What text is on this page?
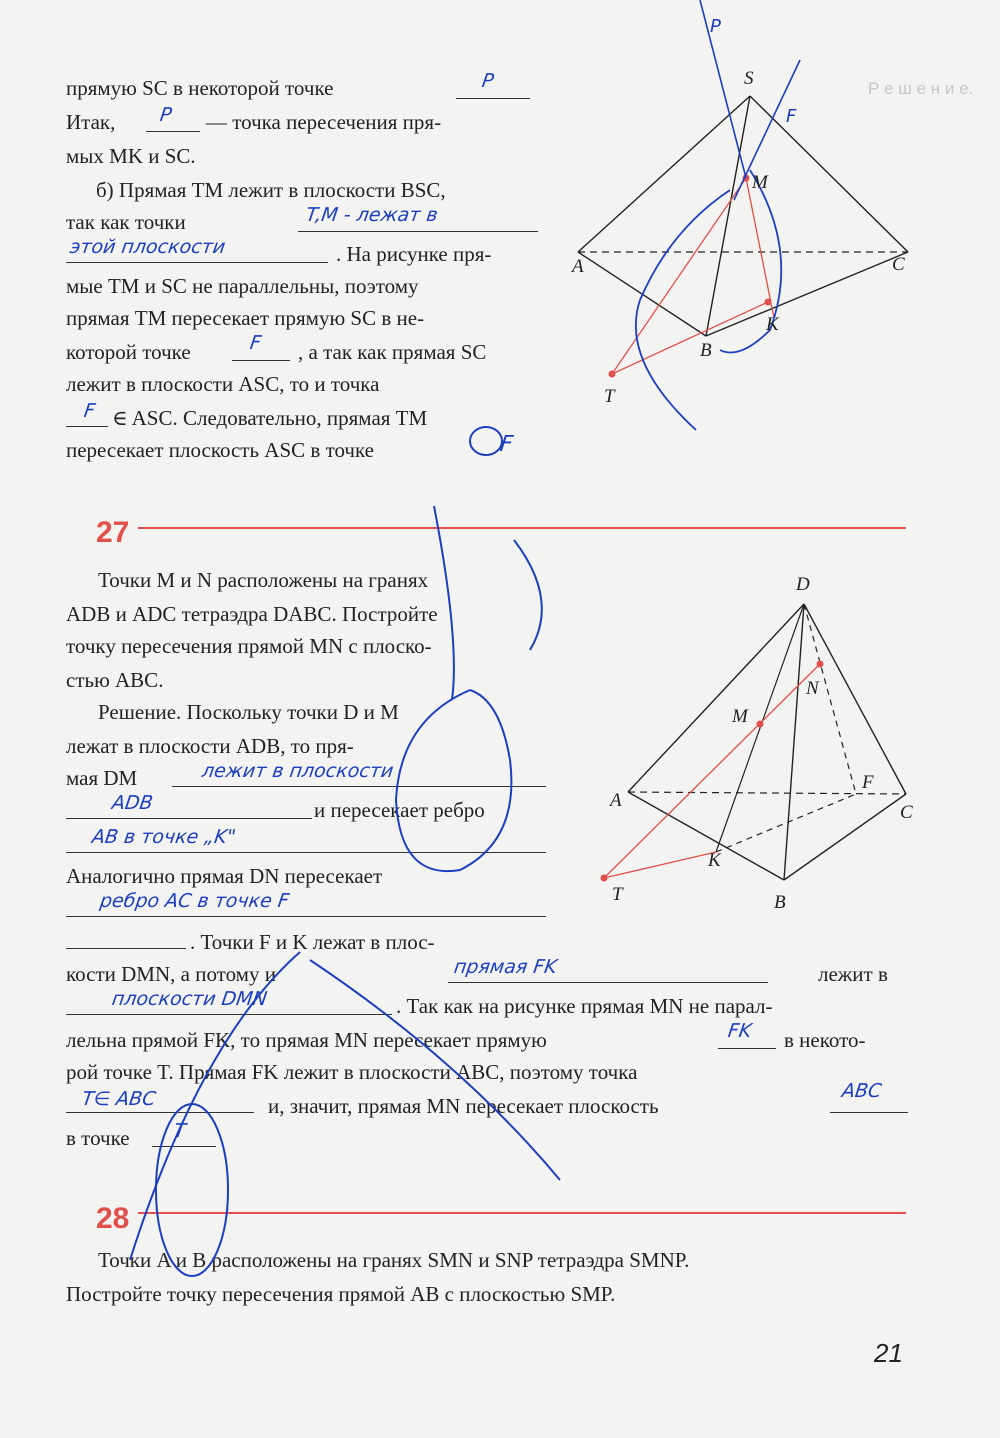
Р е ш е н и е.
прямую SC в некоторой точке	P
Итак, P — точка пересечения пря-
мых MK и SC.
б) Прямая TM лежит в плоскости BSC,
так как точки	T,M - лежат в
этой плоскости	. На рисунке пря-
мые TM и SC не параллельны, поэтому
прямая TM пересекает прямую SC в не-
которой точке	F , а так как прямая SC
лежит в плоскости ASC, то и точка
F ∈ ASC. Следовательно, прямая TM
пересекает плоскость ASC в точке	F
27
Точки M и N расположены на гранях
ADB и ADC тетраэдра DABC. Постройте
точку пересечения прямой MN с плоско-
стью ABC.
Решение. Поскольку точки D и M
лежат в плоскости ADB, то пря-
мая DM	лежит в плоскости
ADB	и пересекает ребро
AB в точке „K"
Аналогично прямая DN пересекает
ребро AC в точке F
. Точки F и K лежат в плос-
кости DMN, а потому и	прямая FK	лежит в
плоскости DMN	. Так как на рисунке прямая MN не парал-
лельна прямой FK, то прямая MN пересекает прямую	FK в некото-
рой точке T. Прямая FK лежит в плоскости ABC, поэтому точка
T∈ ABC	и, значит, прямая MN пересекает плоскость
ABC
в точке T
28
Точки A и B расположены на гранях SMN и SNP тетраэдра SMNP.
Постройте точку пересечения прямой AB с плоскостью SMP.
21
S
M
A	C
K
B
T
P
F
D
N
M
F
A
C
K
T	B
